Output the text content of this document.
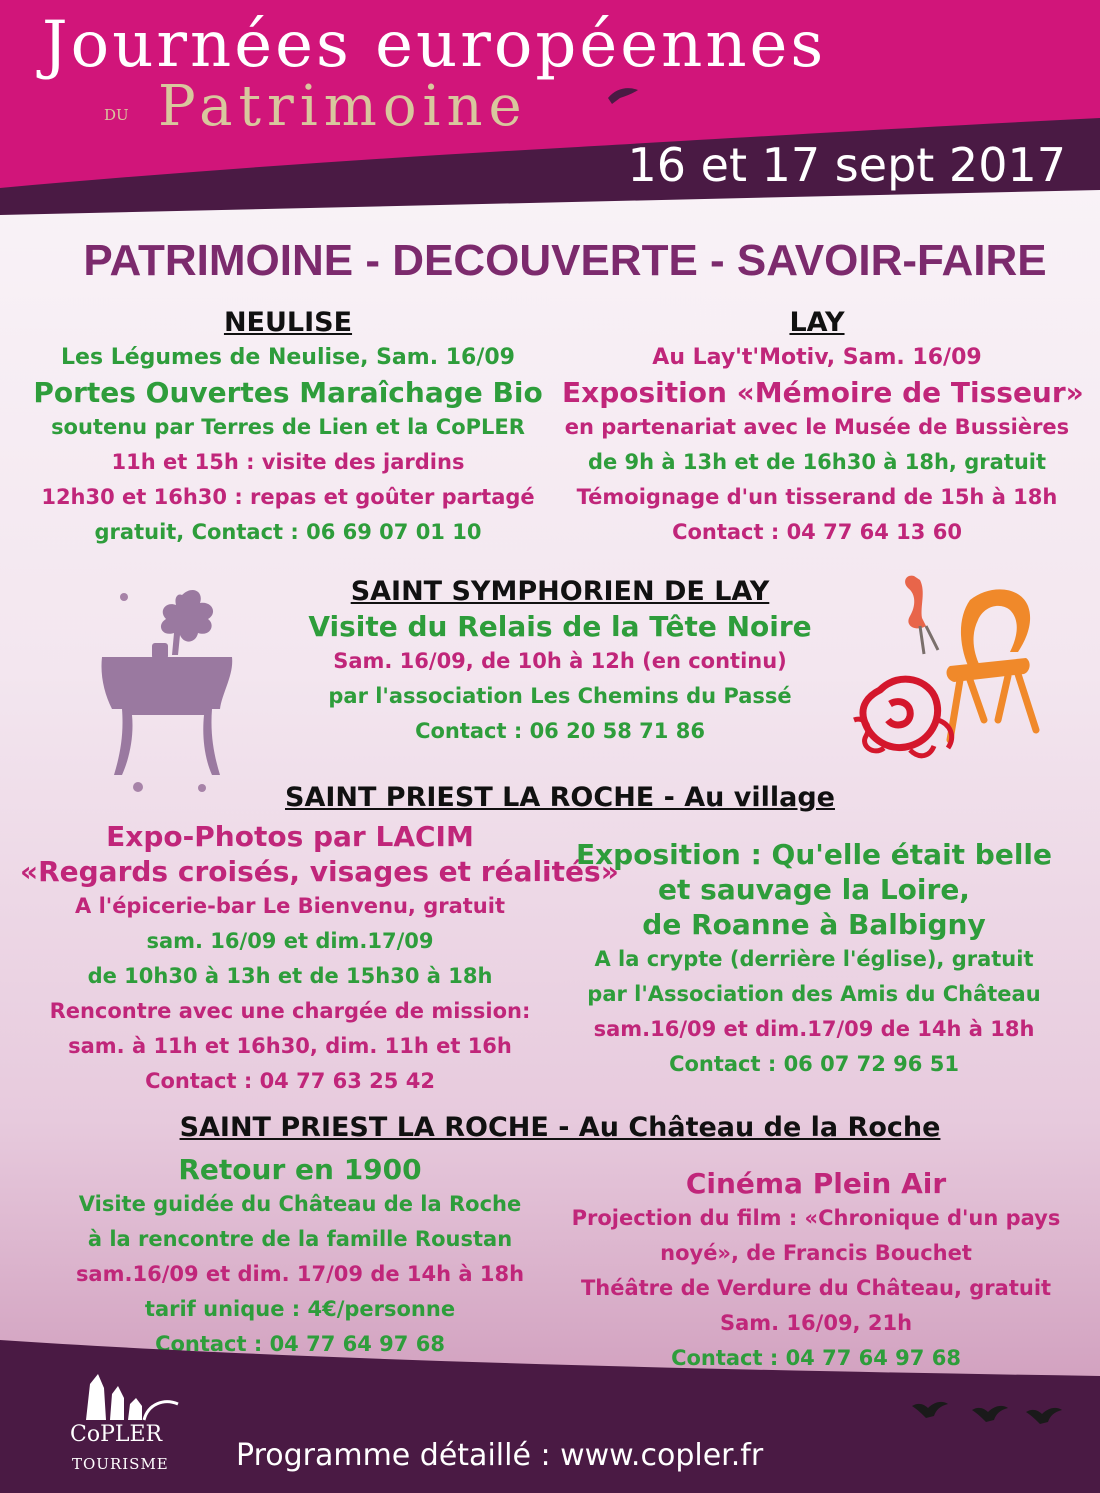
Journées européennes
DU Patrimoine
16 et 17 sept 2017
PATRIMOINE - DECOUVERTE - SAVOIR-FAIRE
NEULISE
Les Légumes de Neulise, Sam. 16/09
Portes Ouvertes Maraîchage Bio
soutenu par Terres de Lien et la CoPLER
11h et 15h : visite des jardins
12h30 et 16h30 : repas et goûter partagé
gratuit, Contact : 06 69 07 01 10
LAY
Au Lay't'Motiv, Sam. 16/09
Exposition «Mémoire de Tisseur»
en partenariat avec le Musée de Bussières
de 9h à 13h et de 16h30 à 18h, gratuit
Témoignage d'un tisserand de 15h à 18h
Contact : 04 77 64 13 60
SAINT SYMPHORIEN DE LAY
Visite du Relais de la Tête Noire
Sam. 16/09, de 10h à 12h (en continu)
par l'association Les Chemins du Passé
Contact : 06 20 58 71 86
SAINT PRIEST LA ROCHE - Au village
Expo-Photos par LACIM
«Regards croisés, visages et réalités»
A l'épicerie-bar Le Bienvenu, gratuit
sam. 16/09 et dim.17/09
de 10h30 à 13h et de 15h30 à 18h
Rencontre avec une chargée de mission:
sam. à 11h et 16h30, dim. 11h et 16h
Contact : 04 77 63 25 42
Exposition : Qu'elle était belle
et sauvage la Loire,
de Roanne à Balbigny
A la crypte (derrière l'église), gratuit
par l'Association des Amis du Château
sam.16/09 et dim.17/09 de 14h à 18h
Contact : 06 07 72 96 51
SAINT PRIEST LA ROCHE - Au Château de la Roche
Retour en 1900
Visite guidée du Château de la Roche
à la rencontre de la famille Roustan
sam.16/09 et dim. 17/09 de 14h à 18h
tarif unique : 4€/personne
Contact : 04 77 64 97 68
Cinéma Plein Air
Projection du film : «Chronique d'un pays
noyé», de Francis Bouchet
Théâtre de Verdure du Château, gratuit
Sam. 16/09, 21h
Contact : 04 77 64 97 68
CoPLER
TOURISME Programme détaillé : www.copler.fr
